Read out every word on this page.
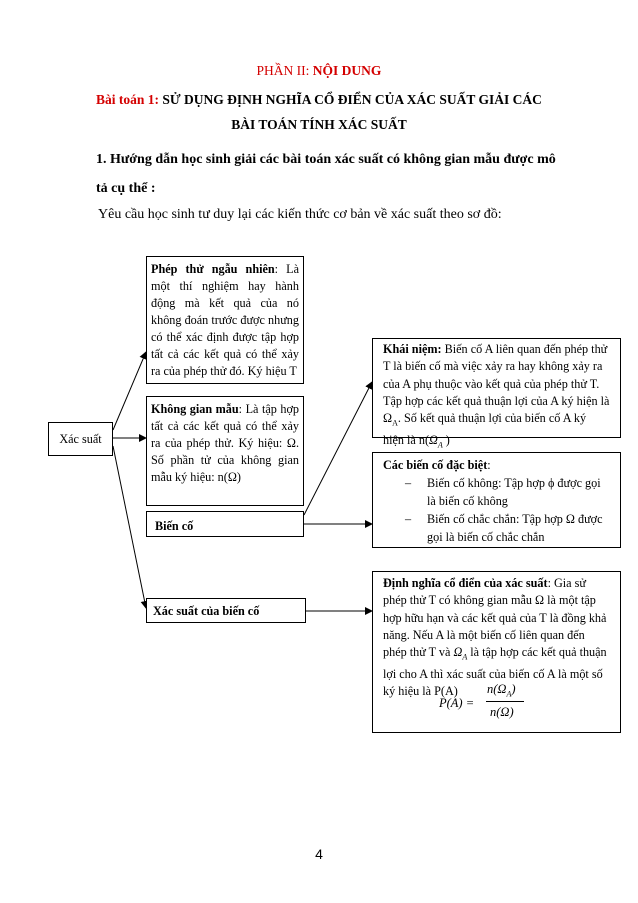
PHẦN II: NỘI DUNG
Bài toán 1: SỬ DỤNG ĐỊNH NGHĨA CỔ ĐIỂN CỦA XÁC SUẤT GIẢI CÁC
BÀI TOÁN TÍNH XÁC SUẤT
1. Hướng dẫn học sinh giải các bài toán xác suất có không gian mẫu được mô
tả cụ thể :
Yêu cầu học sinh tư duy lại các kiến thức cơ bản về xác suất theo sơ đồ:
Xác suất
Phép thử ngẫu nhiên: Là một thí nghiệm hay hành động mà kết quả của nó không đoán trước được nhưng có thể xác định được tập hợp tất cả các kết quả có thể xảy ra của phép thử đó. Ký hiệu T
Không gian mẫu: Là tập hợp tất cả các kết quả có thể xảy ra của phép thử. Ký hiệu: Ω. Số phần tử của không gian mẫu ký hiệu: n(Ω)
Biến cố
Xác suất của biến cố
Khái niệm: Biến cố A liên quan đến phép thử T là biến cố mà việc xảy ra hay không xảy ra của A phụ thuộc vào kết quả của phép thử T. Tập hợp các kết quả thuận lợi của A ký hiện là $\Omega_A$. Số kết quả thuận lợi của biến cố A ký hiện là $n(\Omega_A$ )
Các biến cố đặc biệt:
– Biến cố không: Tập hợp ϕ được gọi là biến cố không
– Biến cố chắc chắn: Tập hợp Ω được gọi là biến cố chắc chắn
Định nghĩa cổ điển của xác suất: Gia sử phép thử T có không gian mẫu Ω là một tập hợp hữu hạn và các kết quả của T là đồng khả năng. Nếu A là một biến cố liên quan đến phép thử T và $\Omega_A$ là tập hợp các kết quả thuận lợi cho A thì xác suất của biến cố A là một số ký hiệu là P(A)
P(A) =
$n(\Omega_A)$
n(Ω)
4
